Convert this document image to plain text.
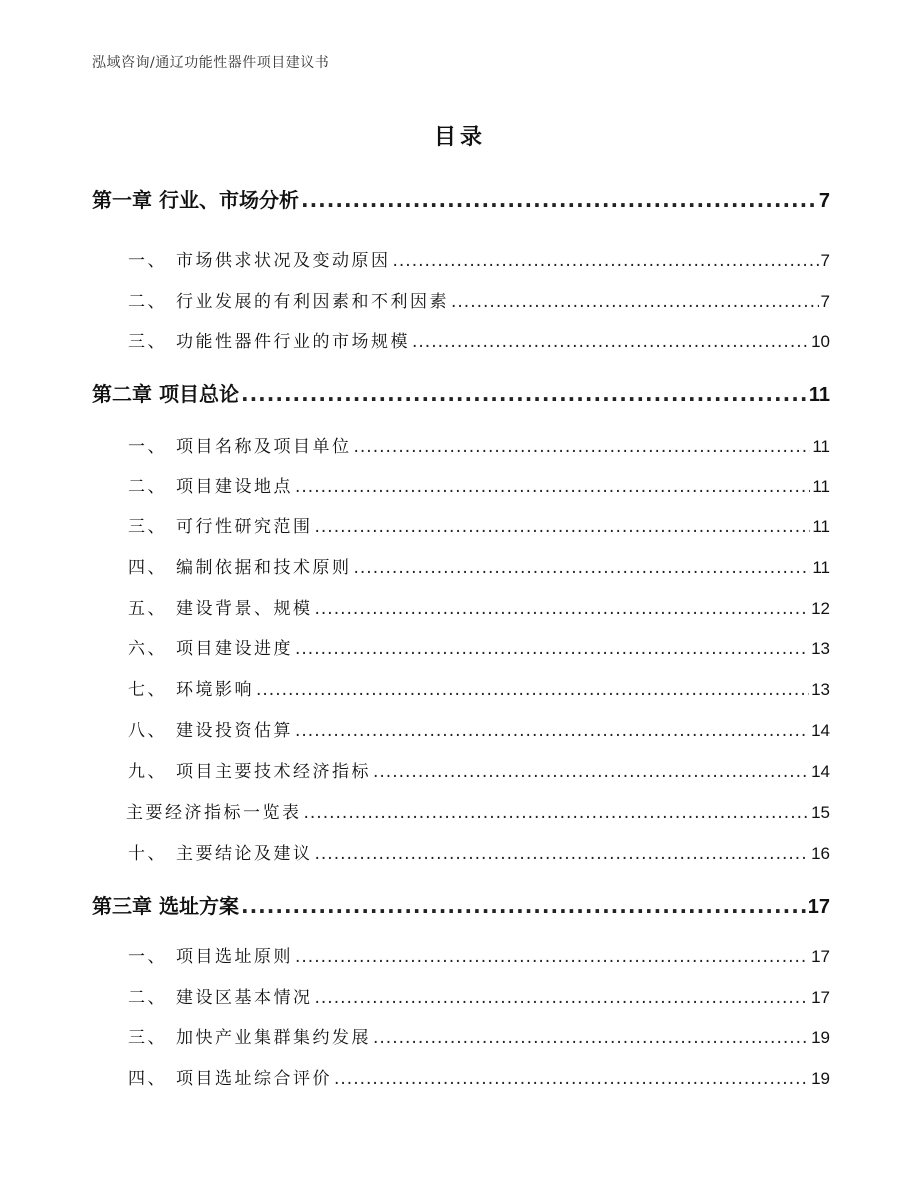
泓域咨询/通辽功能性器件项目建议书
目录
第一章 行业、市场分析 .....	7
一、 市场供求状况及变动原因 .....	7
二、 行业发展的有利因素和不利因素 .....	7
三、 功能性器件行业的市场规模 .....	10
第二章 项目总论 .....	11
一、 项目名称及项目单位 .....	11
二、 项目建设地点 .....	11
三、 可行性研究范围 .....	11
四、 编制依据和技术原则 .....	11
五、 建设背景、规模 .....	12
六、 项目建设进度 .....	13
七、 环境影响 .....	13
八、 建设投资估算 .....	14
九、 项目主要技术经济指标 .....	14
主要经济指标一览表 .....	15
十、 主要结论及建议 .....	16
第三章 选址方案 .....	17
一、 项目选址原则 .....	17
二、 建设区基本情况 .....	17
三、 加快产业集群集约发展 .....	19
四、 项目选址综合评价 .....	19
